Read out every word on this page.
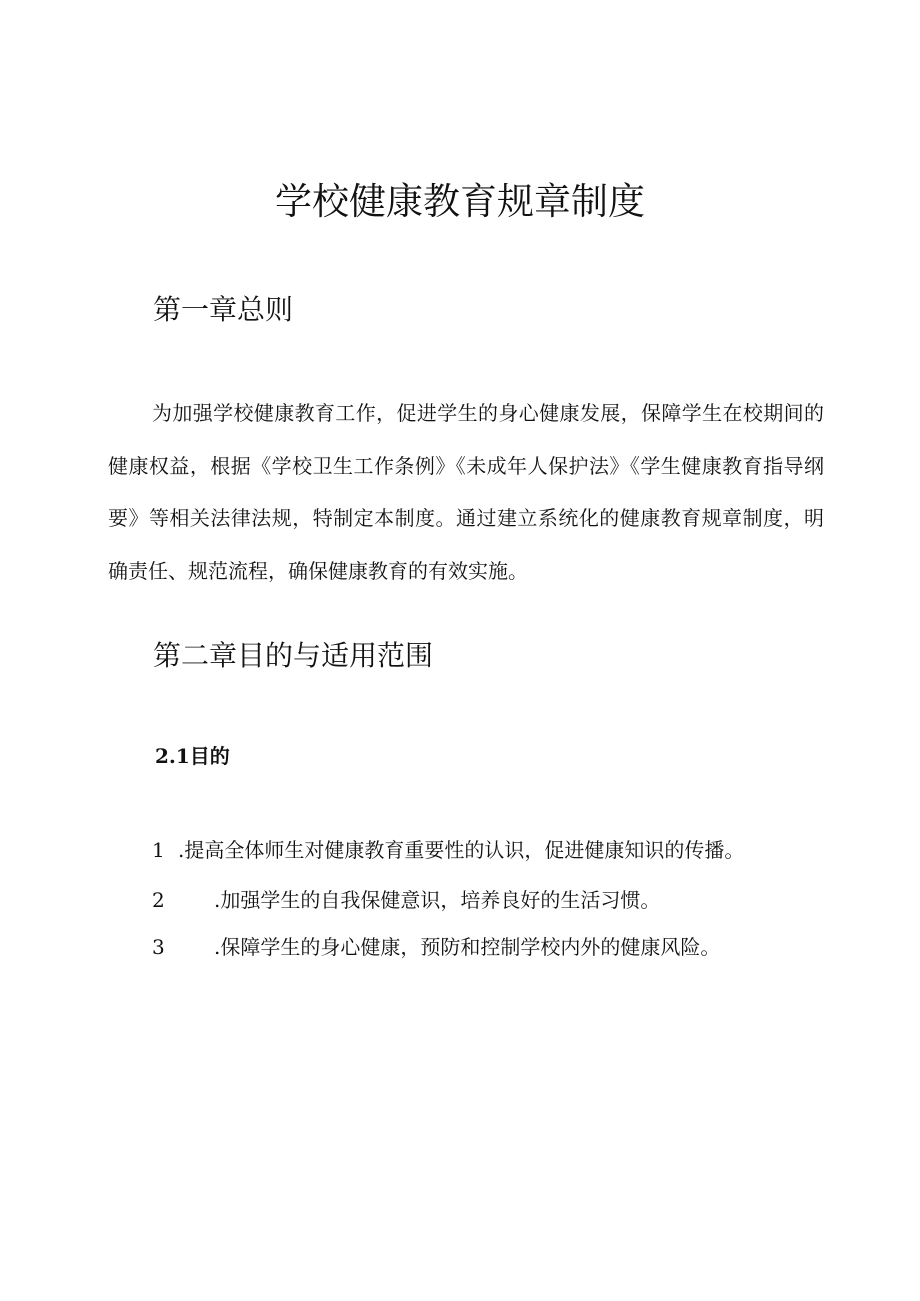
学校健康教育规章制度
第一章总则

为加强学校健康教育工作，促进学生的身心健康发展，保障学生在校期间的健康权益，根据《学校卫生工作条例》《未成年人保护法》《学生健康教育指导纲要》等相关法律法规，特制定本制度。通过建立系统化的健康教育规章制度，明确责任、规范流程，确保健康教育的有效实施。

第二章目的与适用范围
2.1目的
1 .提高全体师生对健康教育重要性的认识，促进健康知识的传播。
2 .加强学生的自我保健意识，培养良好的生活习惯。
3 .保障学生的身心健康，预防和控制学校内外的健康风险。
